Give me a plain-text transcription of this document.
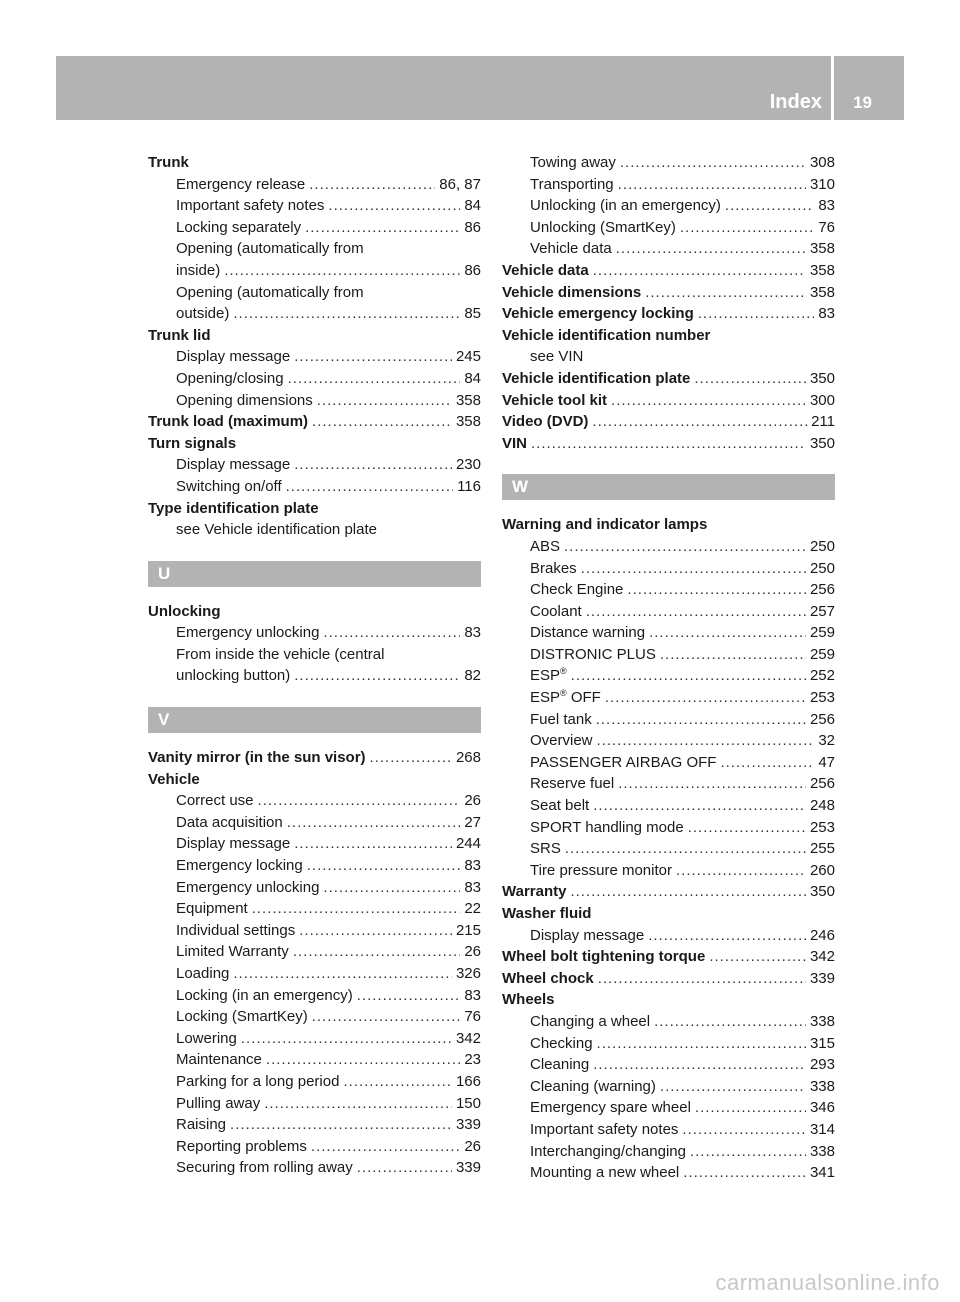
Index 19
Trunk
Emergency release .....	86, 87
Important safety notes .....	84
Locking separately .....	86
Opening (automatically from
inside) .....	86
Opening (automatically from
outside) .....	85
Trunk lid
Display message .....	245
Opening/closing .....	84
Opening dimensions .....	358
Trunk load (maximum) .....	358
Turn signals
Display message .....	230
Switching on/off .....	116
Type identification plate
see Vehicle identification plate
U
Unlocking
Emergency unlocking .....	83
From inside the vehicle (central
unlocking button) .....	82
V
Vanity mirror (in the sun visor) .....	268
Vehicle
Correct use .....	26
Data acquisition .....	27
Display message .....	244
Emergency locking .....	83
Emergency unlocking .....	83
Equipment .....	22
Individual settings .....	215
Limited Warranty .....	26
Loading .....	326
Locking (in an emergency) .....	83
Locking (SmartKey) .....	76
Lowering .....	342
Maintenance .....	23
Parking for a long period .....	166
Pulling away .....	150
Raising .....	339
Reporting problems .....	26
Securing from rolling away .....	339
Towing away .....	308
Transporting .....	310
Unlocking (in an emergency) .....	83
Unlocking (SmartKey) .....	76
Vehicle data .....	358
Vehicle data .....	358
Vehicle dimensions .....	358
Vehicle emergency locking .....	83
Vehicle identification number
see VIN
Vehicle identification plate .....	350
Vehicle tool kit .....	300
Video (DVD) .....	211
VIN .....	350
W
Warning and indicator lamps
ABS .....	250
Brakes .....	250
Check Engine .....	256
Coolant .....	257
Distance warning .....	259
DISTRONIC PLUS .....	259
ESP® .....	252
ESP® OFF .....	253
Fuel tank .....	256
Overview .....	32
PASSENGER AIRBAG OFF .....	47
Reserve fuel .....	256
Seat belt .....	248
SPORT handling mode .....	253
SRS .....	255
Tire pressure monitor .....	260
Warranty .....	350
Washer fluid
Display message .....	246
Wheel bolt tightening torque .....	342
Wheel chock .....	339
Wheels
Changing a wheel .....	338
Checking .....	315
Cleaning .....	293
Cleaning (warning) .....	338
Emergency spare wheel .....	346
Important safety notes .....	314
Interchanging/changing .....	338
Mounting a new wheel .....	341
carmanualsonline.info
